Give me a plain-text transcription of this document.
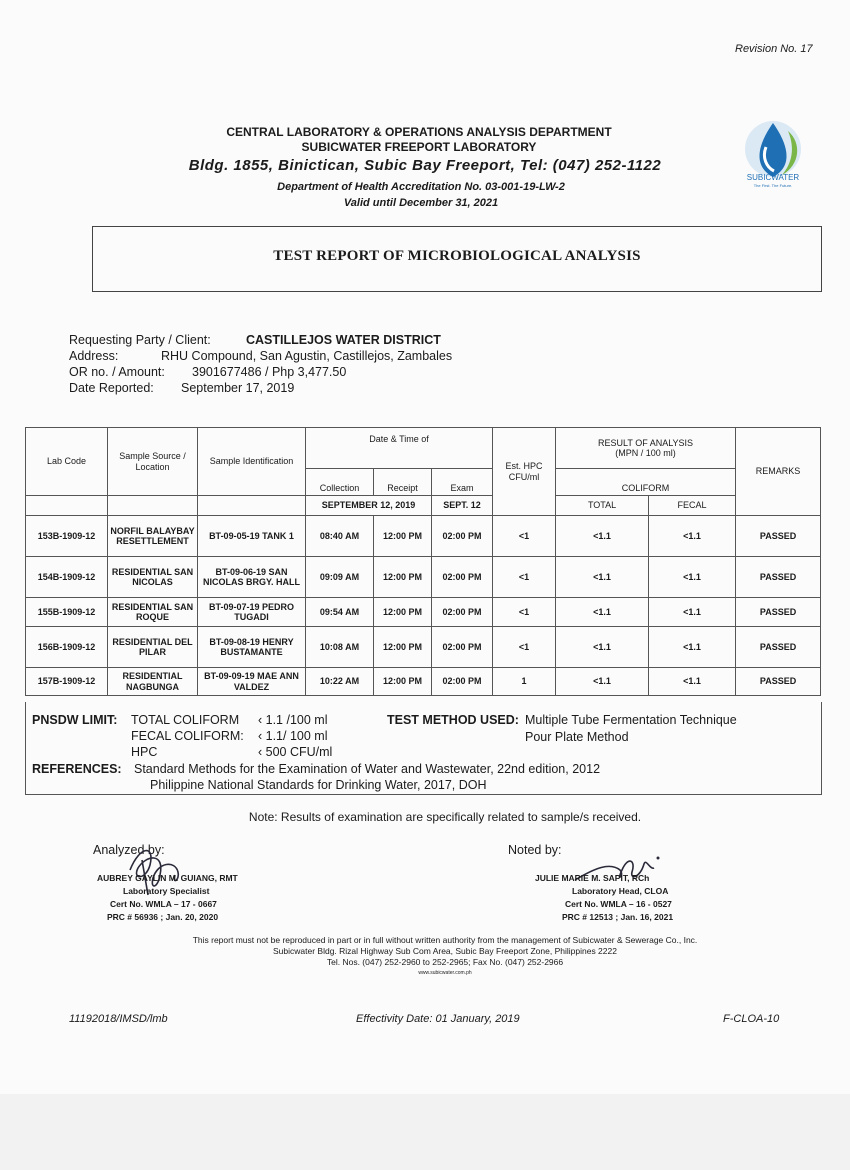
Revision No. 17
CENTRAL LABORATORY & OPERATIONS ANALYSIS DEPARTMENT
SUBICWATER FREEPORT LABORATORY
Bldg. 1855, Binictican, Subic Bay Freeport, Tel: (047) 252-1122
Department of Health Accreditation No. 03-001-19-LW-2
Valid until December 31, 2021
SUBICWATER
The First. The Future.
TEST REPORT OF MICROBIOLOGICAL ANALYSIS
Requesting Party / Client:	CASTILLEJOS WATER DISTRICT
Address:	RHU Compound, San Agustin, Castillejos, Zambales
OR no. / Amount: 3901677486 / Php 3,477.50
Date Reported: September 17, 2019
Lab Code	Sample Source / Location	Sample Identification	Date & Time of			Est. HPC CFU/ml	RESULT OF ANALYSIS
(MPN / 100 ml)		REMARKS
			Collection	Receipt	Exam		COLIFORM		
			SEPTEMBER 12, 2019		SEPT. 12		TOTAL	FECAL	
153B-1909-12	NORFIL BALAYBAY RESETTLEMENT	BT-09-05-19 TANK 1	08:40 AM	12:00 PM	02:00 PM	<1	<1.1	<1.1	PASSED
154B-1909-12	RESIDENTIAL SAN NICOLAS	BT-09-06-19 SAN NICOLAS BRGY. HALL	09:09 AM	12:00 PM	02:00 PM	<1	<1.1	<1.1	PASSED
155B-1909-12	RESIDENTIAL SAN ROQUE	BT-09-07-19 PEDRO TUGADI	09:54 AM	12:00 PM	02:00 PM	<1	<1.1	<1.1	PASSED
156B-1909-12	RESIDENTIAL DEL PILAR	BT-09-08-19 HENRY BUSTAMANTE	10:08 AM	12:00 PM	02:00 PM	<1	<1.1	<1.1	PASSED
157B-1909-12	RESIDENTIAL NAGBUNGA	BT-09-09-19 MAE ANN VALDEZ	10:22 AM	12:00 PM	02:00 PM	1	<1.1	<1.1	PASSED
PNSDW LIMIT: TOTAL COLIFORM ‹ 1.1 /100 ml
FECAL COLIFORM: ‹ 1.1/ 100 ml
HPC	‹ 500 CFU/ml
TEST METHOD USED: Multiple Tube Fermentation Technique
Pour Plate Method
REFERENCES: Standard Methods for the Examination of Water and Wastewater, 22nd edition, 2012
Philippine National Standards for Drinking Water, 2017, DOH
Note: Results of examination are specifically related to sample/s received.
Analyzed by:
AUBREY GAYLIN M. GUIANG, RMT
Laboratory Specialist
Cert No. WMLA – 17 - 0667
PRC # 56936 ; Jan. 20, 2020
Noted by:
JULIE MARIE M. SAPIT, RCh
Laboratory Head, CLOA
Cert No. WMLA – 16 - 0527
PRC # 12513 ; Jan. 16, 2021
This report must not be reproduced in part or in full without written authority from the management of Subicwater & Sewerage Co., Inc.
Subicwater Bldg. Rizal Highway Sub Com Area, Subic Bay Freeport Zone, Philippines 2222
Tel. Nos. (047) 252-2960 to 252-2965; Fax No. (047) 252-2966
www.subicwater.com.ph
11192018/IMSD/lmb	Effectivity Date: 01 January, 2019	F-CLOA-10
